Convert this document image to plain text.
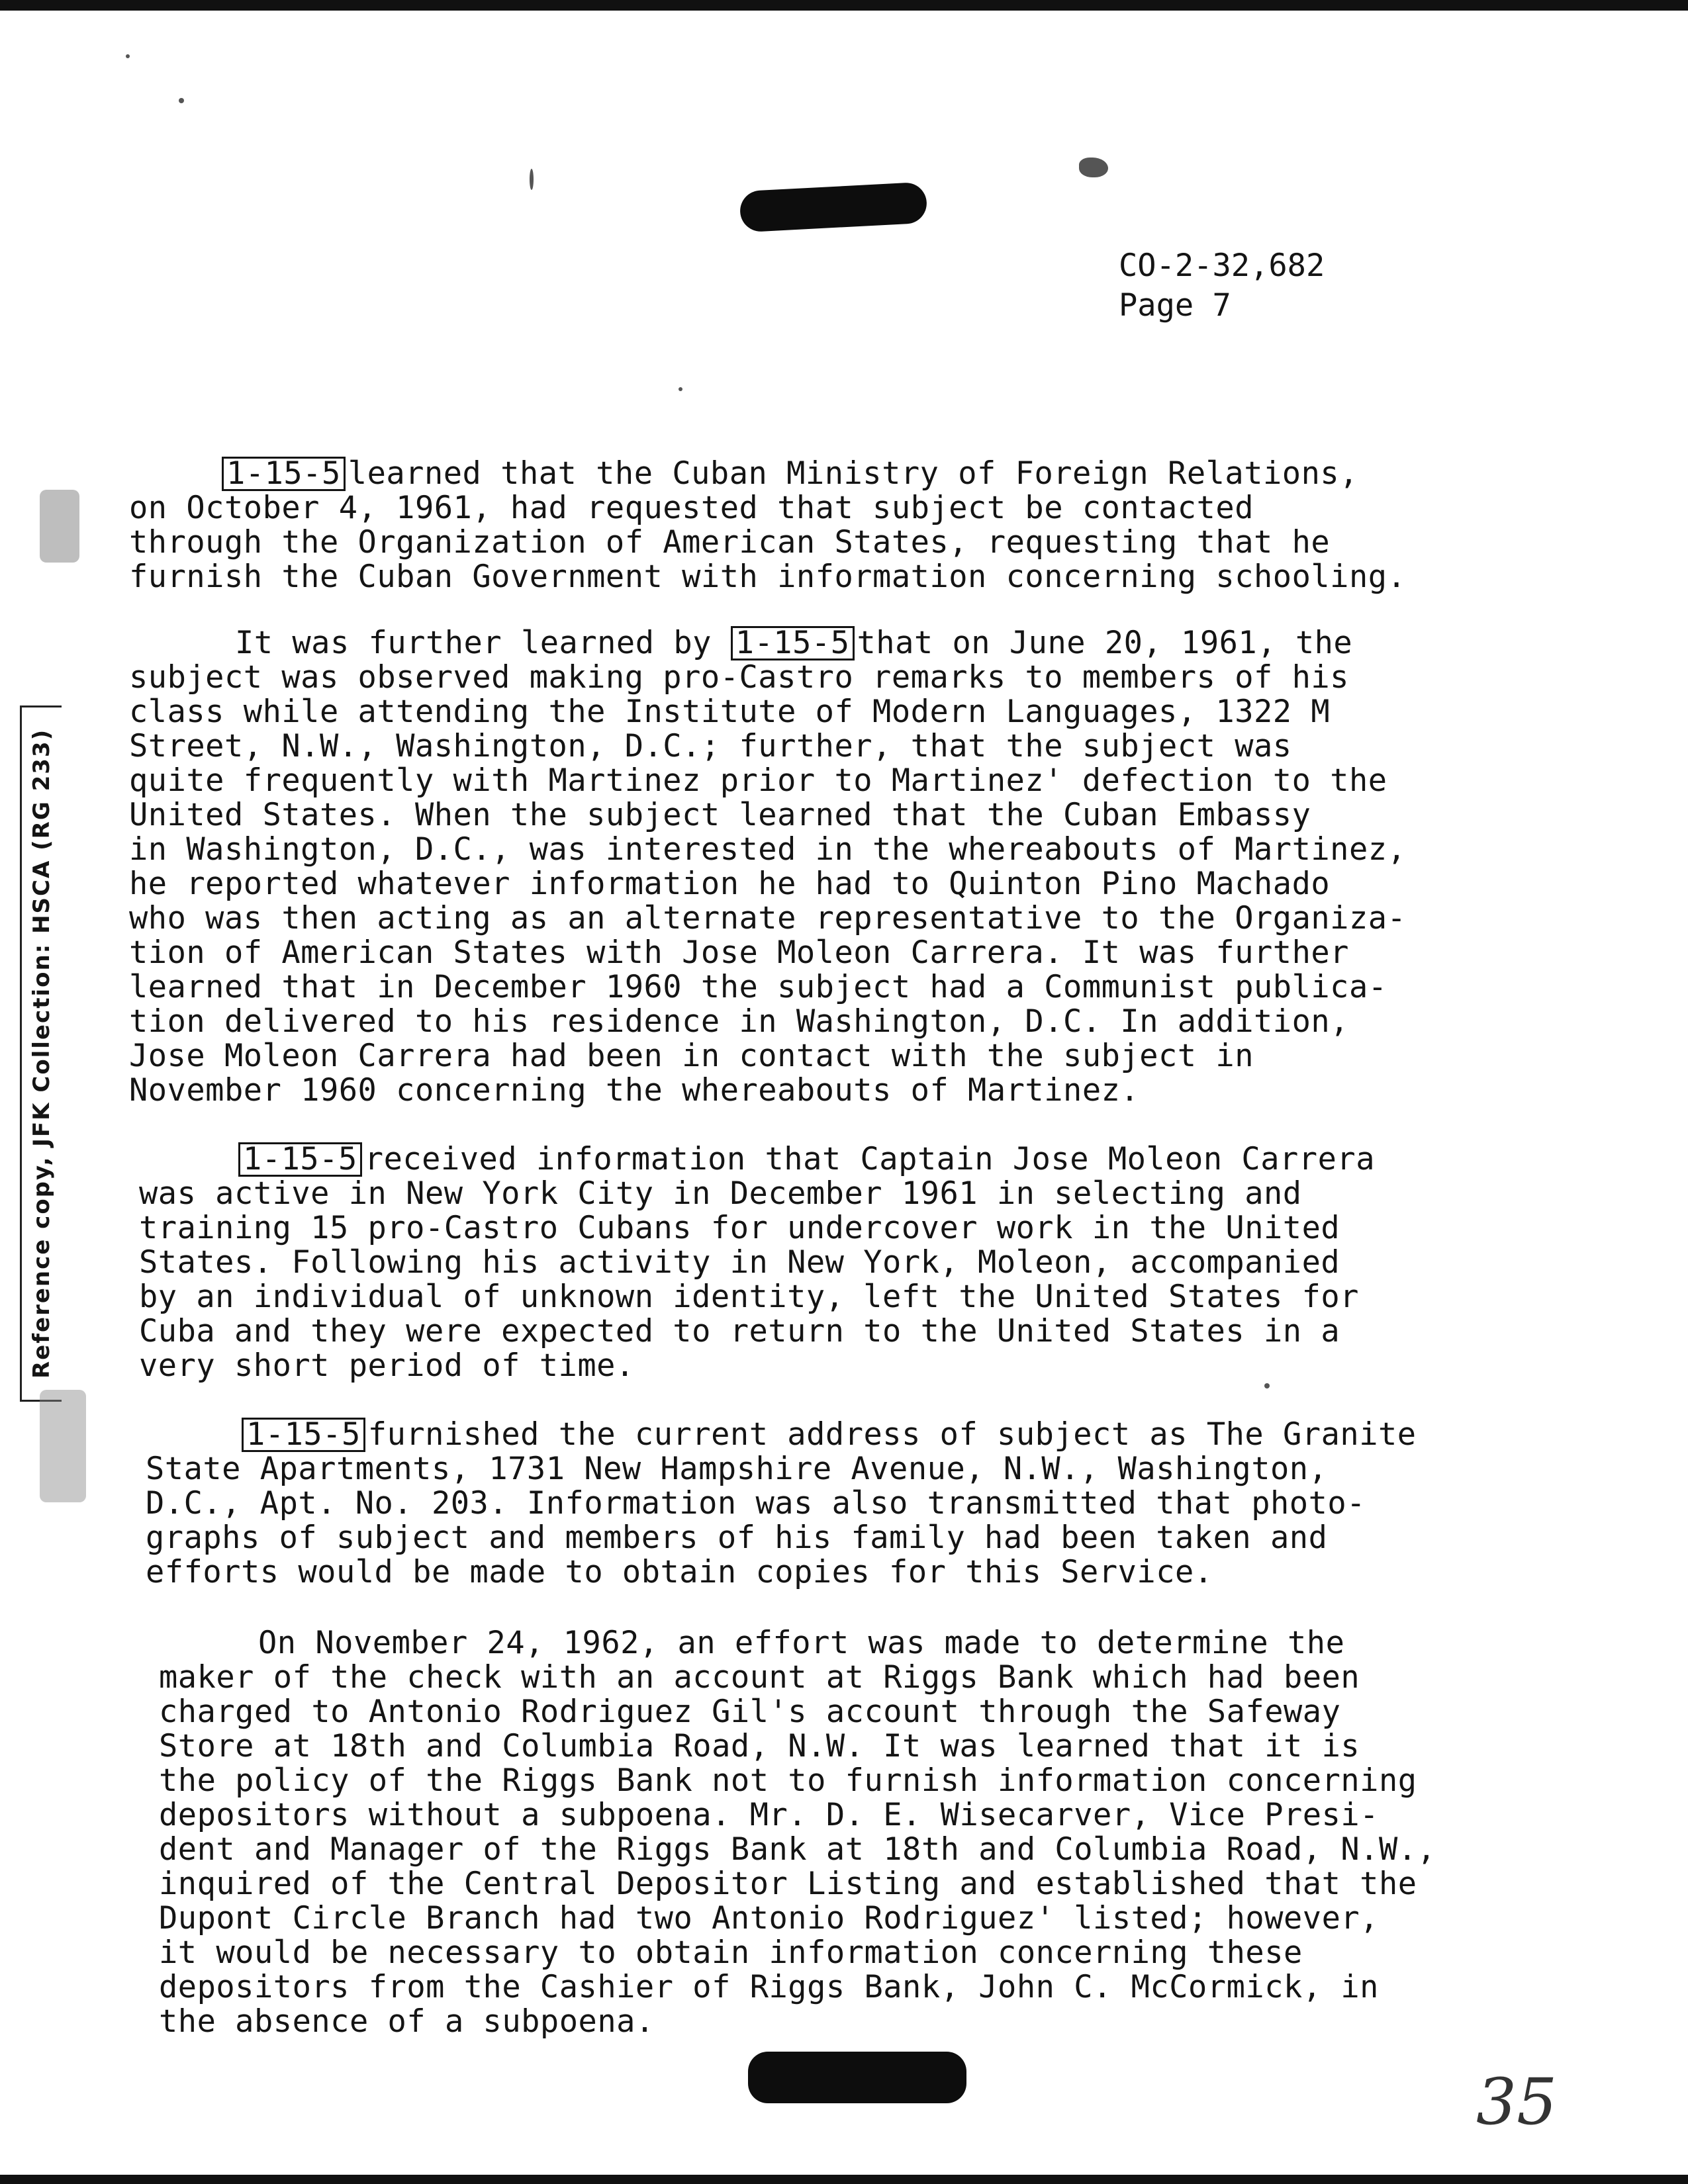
Reference copy, JFK Collection: HSCA (RG 233)
CO-2-32,682
Page 7
1-15-5 learned that the Cuban Ministry of Foreign Relations,
on October 4, 1961, had requested that subject be contacted
through the Organization of American States, requesting that he
furnish the Cuban Government with information concerning schooling.
It was further learned by 1-15-5 that on June 20, 1961, the
subject was observed making pro-Castro remarks to members of his
class while attending the Institute of Modern Languages, 1322 M
Street, N.W., Washington, D.C.; further, that the subject was
quite frequently with Martinez prior to Martinez' defection to the
United States. When the subject learned that the Cuban Embassy
in Washington, D.C., was interested in the whereabouts of Martinez,
he reported whatever information he had to Quinton Pino Machado
who was then acting as an alternate representative to the Organiza-
tion of American States with Jose Moleon Carrera. It was further
learned that in December 1960 the subject had a Communist publica-
tion delivered to his residence in Washington, D.C. In addition,
Jose Moleon Carrera had been in contact with the subject in
November 1960 concerning the whereabouts of Martinez.
1-15-5 received information that Captain Jose Moleon Carrera
was active in New York City in December 1961 in selecting and
training 15 pro-Castro Cubans for undercover work in the United
States. Following his activity in New York, Moleon, accompanied
by an individual of unknown identity, left the United States for
Cuba and they were expected to return to the United States in a
very short period of time.
1-15-5 furnished the current address of subject as The Granite
State Apartments, 1731 New Hampshire Avenue, N.W., Washington,
D.C., Apt. No. 203. Information was also transmitted that photo-
graphs of subject and members of his family had been taken and
efforts would be made to obtain copies for this Service.
On November 24, 1962, an effort was made to determine the
maker of the check with an account at Riggs Bank which had been
charged to Antonio Rodriguez Gil's account through the Safeway
Store at 18th and Columbia Road, N.W. It was learned that it is
the policy of the Riggs Bank not to furnish information concerning
depositors without a subpoena. Mr. D. E. Wisecarver, Vice Presi-
dent and Manager of the Riggs Bank at 18th and Columbia Road, N.W.,
inquired of the Central Depositor Listing and established that the
Dupont Circle Branch had two Antonio Rodriguez' listed; however,
it would be necessary to obtain information concerning these
depositors from the Cashier of Riggs Bank, John C. McCormick, in
the absence of a subpoena.
35
